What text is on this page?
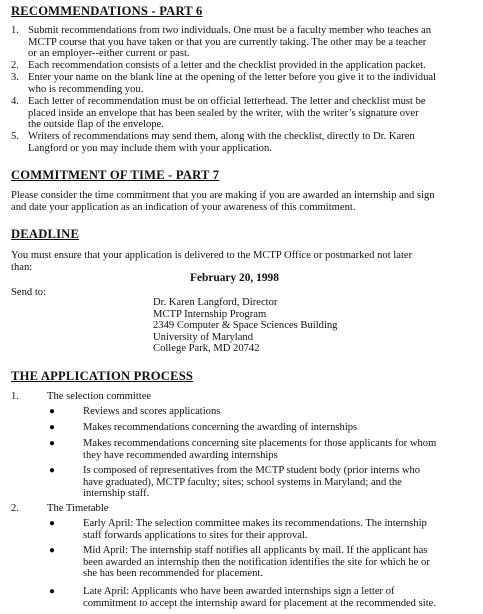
RECOMMENDATIONS - PART 6
1. Submit recommendations from two individuals. One must be a faculty member who teaches an
MCTP course that you have taken or that you are currently taking. The other may be a teacher
or an employer--either current or past.
2. Each recommendation consists of a letter and the checklist provided in the application packet.
3. Enter your name on the blank line at the opening of the letter before you give it to the individual
who is recommending you.
4. Each letter of recommendation must be on official letterhead. The letter and checklist must be
placed inside an envelope that has been sealed by the writer, with the writer’s signature over
the outside flap of the envelope.
5. Writers of recommendations may send them, along with the checklist, directly to Dr. Karen
Langford or you may include them with your application.
COMMITMENT OF TIME - PART 7
Please consider the time commitment that you are making if you are awarded an internship and sign
and date your application as an indication of your awareness of this commitment.
DEADLINE
You must ensure that your application is delivered to the MCTP Office or postmarked not later
than:
February 20, 1998
Send to:
Dr. Karen Langford, Director
MCTP Internship Program
2349 Computer & Space Sciences Building
University of Maryland
College Park, MD 20742
THE APPLICATION PROCESS
1.	The selection committee
●	Reviews and scores applications
●	Makes recommendations concerning the awarding of internships
●	Makes recommendations concerning site placements for those applicants for whom
they have recommended awarding internships
●	Is composed of representatives from the MCTP student body (prior interns who
have graduated), MCTP faculty; sites; school systems in Maryland; and the
internship staff.
2.	The Timetable
●	Early April: The selection committee makes its recommendations. The internship
staff forwards applications to sites for their approval.
●	Mid April: The internship staff notifies all applicants by mail. If the applicant has
been awarded an internship then the notification identifies the site for which he or
she has been recommended for placement.
●	Late April: Applicants who have been awarded internships sign a letter of
commitment to accept the internship award for placement at the recommended site.
